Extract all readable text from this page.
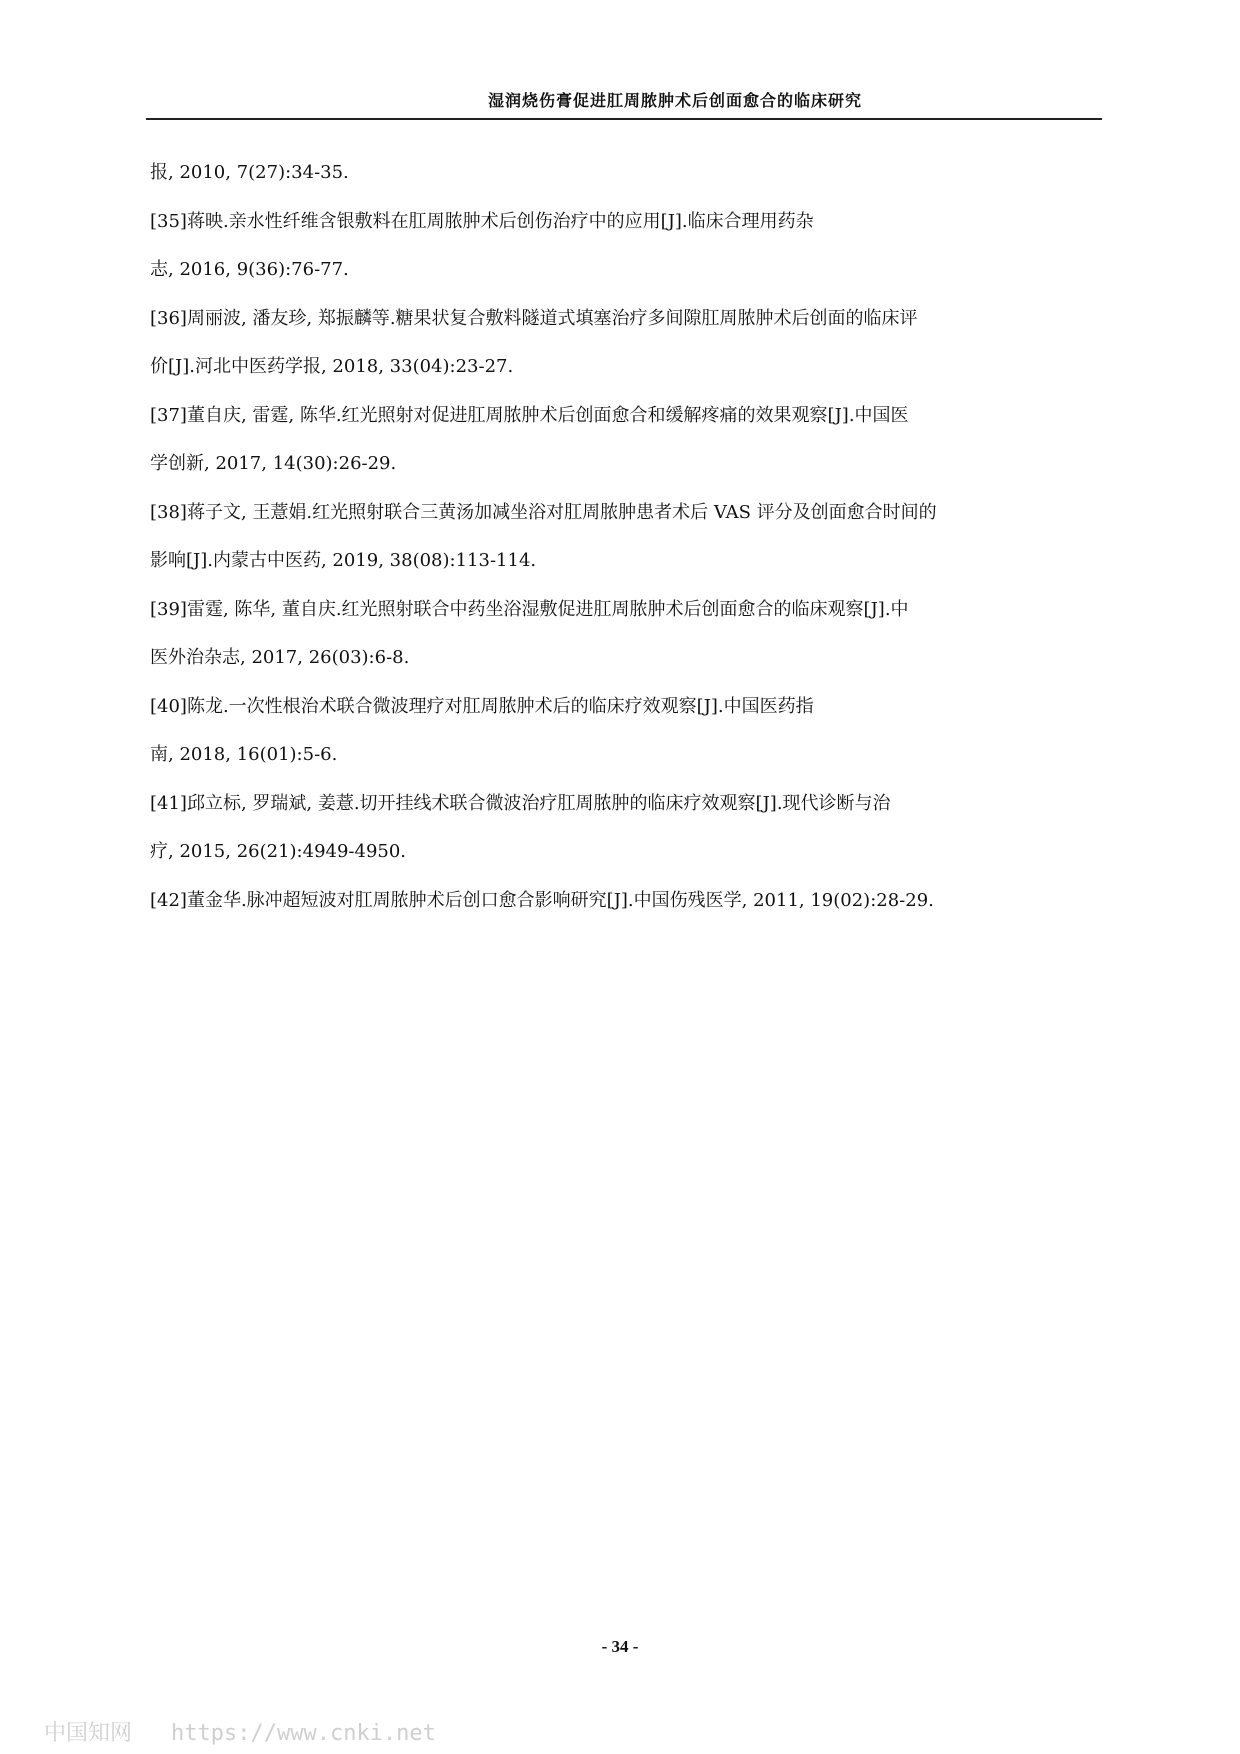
湿润烧伤膏促进肛周脓肿术后创面愈合的临床研究
报, 2010, 7(27):34-35.
[35]蒋映.亲水性纤维含银敷料在肛周脓肿术后创伤治疗中的应用[J].临床合理用药杂
志, 2016, 9(36):76-77.
[36]周丽波, 潘友珍, 郑振麟等.糖果状复合敷料隧道式填塞治疗多间隙肛周脓肿术后创面的临床评
价[J].河北中医药学报, 2018, 33(04):23-27.
[37]董自庆, 雷霆, 陈华.红光照射对促进肛周脓肿术后创面愈合和缓解疼痛的效果观察[J].中国医
学创新, 2017, 14(30):26-29.
[38]蒋子文, 王薏娟.红光照射联合三黄汤加减坐浴对肛周脓肿患者术后 VAS 评分及创面愈合时间的
影响[J].内蒙古中医药, 2019, 38(08):113-114.
[39]雷霆, 陈华, 董自庆.红光照射联合中药坐浴湿敷促进肛周脓肿术后创面愈合的临床观察[J].中
医外治杂志, 2017, 26(03):6-8.
[40]陈龙.一次性根治术联合微波理疗对肛周脓肿术后的临床疗效观察[J].中国医药指
南, 2018, 16(01):5-6.
[41]邱立标, 罗瑞斌, 姜薏.切开挂线术联合微波治疗肛周脓肿的临床疗效观察[J].现代诊断与治
疗, 2015, 26(21):4949-4950.
[42]董金华.脉冲超短波对肛周脓肿术后创口愈合影响研究[J].中国伤残医学, 2011, 19(02):28-29.
- 34 -
中国知网 https://www.cnki.net
